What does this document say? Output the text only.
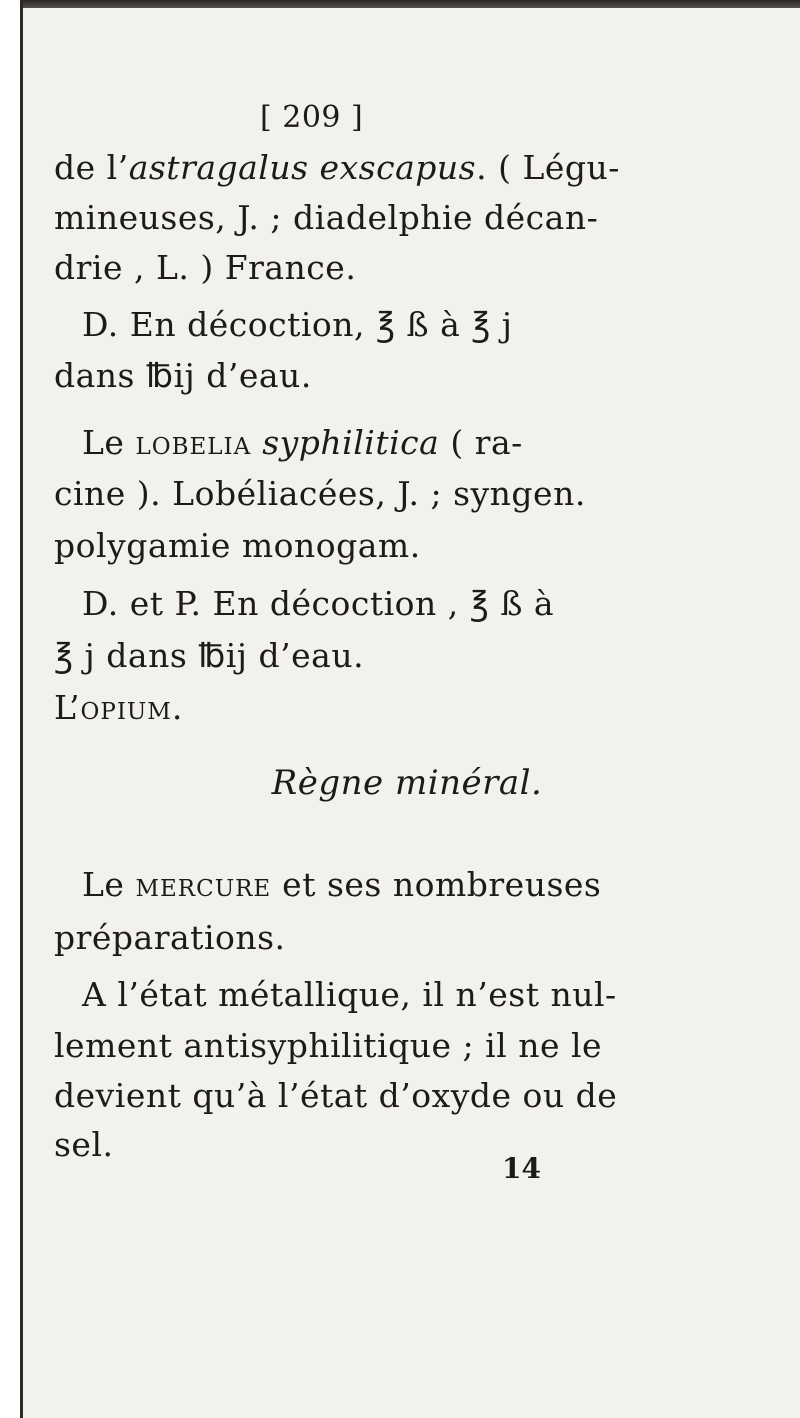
[ 209 ]
de l’astragalus exscapus. ( Légu-
mineuses, J. ; diadelphie décan-
drie , L. ) France.
D. En décoction, ℥ ß à ℥ j
dans ℔ij d’eau.
Le lobelia syphilitica ( ra-
cine ). Lobéliacées, J. ; syngen.
polygamie monogam.
D. et P. En décoction , ℥ ß à
℥ j dans ℔ij d’eau.
L’opium.
Règne minéral.
Le mercure et ses nombreuses
préparations.
A l’état métallique, il n’est nul-
lement antisyphilitique ; il ne le
devient qu’à l’état d’oxyde ou de
sel.
14
